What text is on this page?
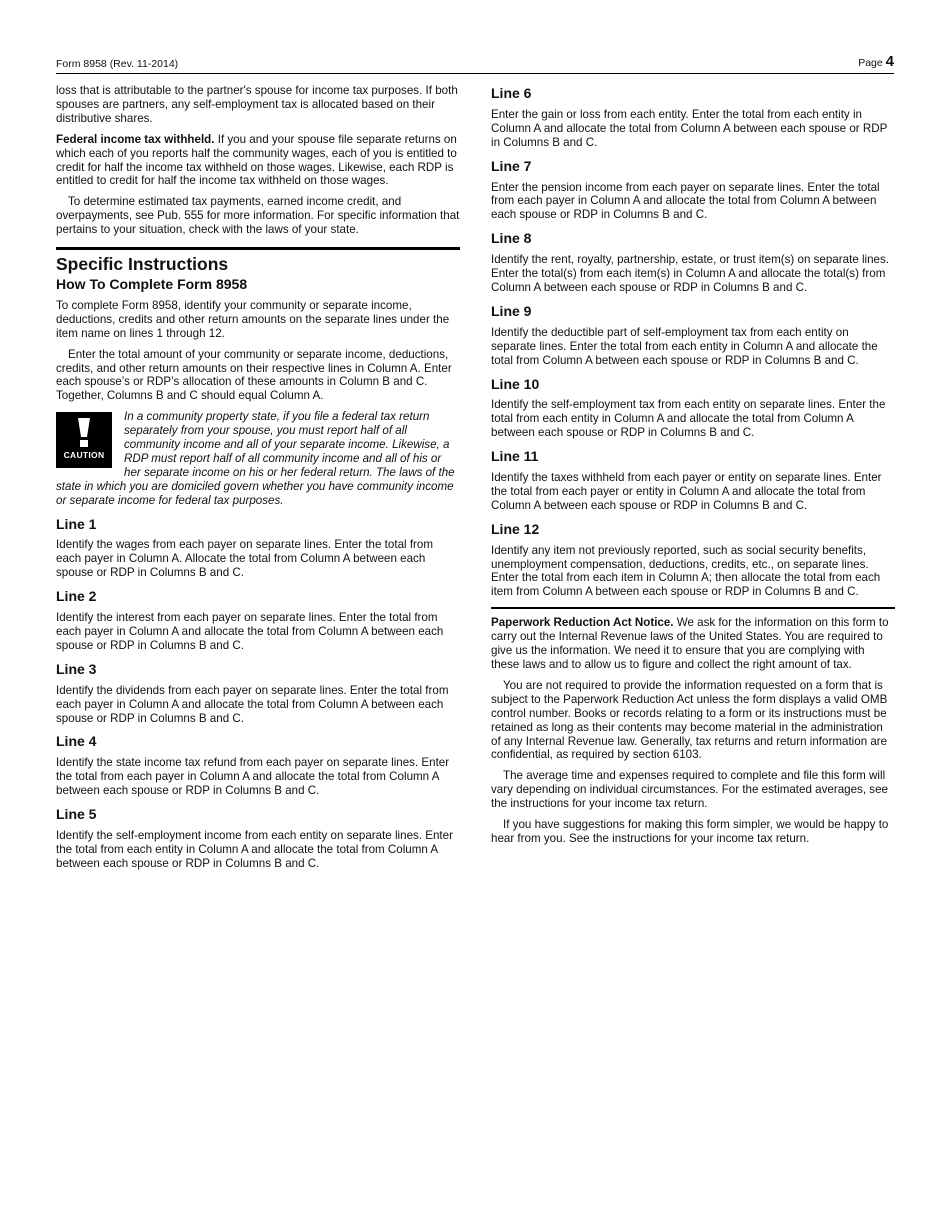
Form 8958 (Rev. 11-2014)	Page 4

loss that is attributable to the partner's spouse for income tax purposes. If both spouses are partners, any self-employment tax is allocated based on their distributive shares.

Federal income tax withheld. If you and your spouse file separate returns on which each of you reports half the community wages, each of you is entitled to credit for half the income tax withheld on those wages. Likewise, each RDP is entitled to credit for half the income tax withheld on those wages.

To determine estimated tax payments, earned income credit, and overpayments, see Pub. 555 for more information. For specific information that pertains to your situation, check with the laws of your state.

Specific Instructions
How To Complete Form 8958

To complete Form 8958, identify your community or separate income, deductions, credits and other return amounts on the separate lines under the item name on lines 1 through 12.

Enter the total amount of your community or separate income, deductions, credits, and other return amounts on their respective lines in Column A. Enter each spouse’s or RDP’s allocation of these amounts in Column B and C. Together, Columns B and C should equal Column A.

CAUTION

In a community property state, if you file a federal tax return separately from your spouse, you must report half of all community income and all of your separate income. Likewise, a RDP must report half of all community income and all of his or her separate income on his or her federal return. The laws of the state in which you are domiciled govern whether you have community income or separate income for federal tax purposes.

Line 1

Identify the wages from each payer on separate lines. Enter the total from each payer in Column A. Allocate the total from Column A between each spouse or RDP in Columns B and C.

Line 2

Identify the interest from each payer on separate lines. Enter the total from each payer in Column A and allocate the total from Column A between each spouse or RDP in Columns B and C.

Line 3

Identify the dividends from each payer on separate lines. Enter the total from each payer in Column A and allocate the total from Column A between each spouse or RDP in Columns B and C.

Line 4

Identify the state income tax refund from each payer on separate lines. Enter the total from each payer in Column A and allocate the total from Column A between each spouse or RDP in Columns B and C.

Line 5

Identify the self-employment income from each entity on separate lines. Enter the total from each entity in Column A and allocate the total from Column A between each spouse or RDP in Columns B and C.

Line 6

Enter the gain or loss from each entity. Enter the total from each entity in Column A and allocate the total from Column A between each spouse or RDP in Columns B and C.

Line 7

Enter the pension income from each payer on separate lines. Enter the total from each payer in Column A and allocate the total from Column A between each spouse or RDP in Columns B and C.

Line 8

Identify the rent, royalty, partnership, estate, or trust item(s) on separate lines. Enter the total(s) from each item(s) in Column A and allocate the total(s) from Column A between each spouse or RDP in Columns B and C.

Line 9

Identify the deductible part of self-employment tax from each entity on separate lines. Enter the total from each entity in Column A and allocate the total from Column A between each spouse or RDP in Columns B and C.

Line 10

Identify the self-employment tax from each entity on separate lines. Enter the total from each entity in Column A and allocate the total from Column A between each spouse or RDP in Columns B and C.

Line 11

Identify the taxes withheld from each payer or entity on separate lines. Enter the total from each payer or entity in Column A and allocate the total from Column A between each spouse or RDP in Columns B and C.

Line 12

Identify any item not previously reported, such as social security benefits, unemployment compensation, deductions, credits, etc., on separate lines. Enter the total from each item in Column A; then allocate the total from each item from Column A between each spouse or RDP in Columns B and C.

Paperwork Reduction Act Notice. We ask for the information on this form to carry out the Internal Revenue laws of the United States. You are required to give us the information. We need it to ensure that you are complying with these laws and to allow us to figure and collect the right amount of tax.

You are not required to provide the information requested on a form that is subject to the Paperwork Reduction Act unless the form displays a valid OMB control number. Books or records relating to a form or its instructions must be retained as long as their contents may become material in the administration of any Internal Revenue law. Generally, tax returns and return information are confidential, as required by section 6103.

The average time and expenses required to complete and file this form will vary depending on individual circumstances. For the estimated averages, see the instructions for your income tax return.

If you have suggestions for making this form simpler, we would be happy to hear from you. See the instructions for your income tax return.
